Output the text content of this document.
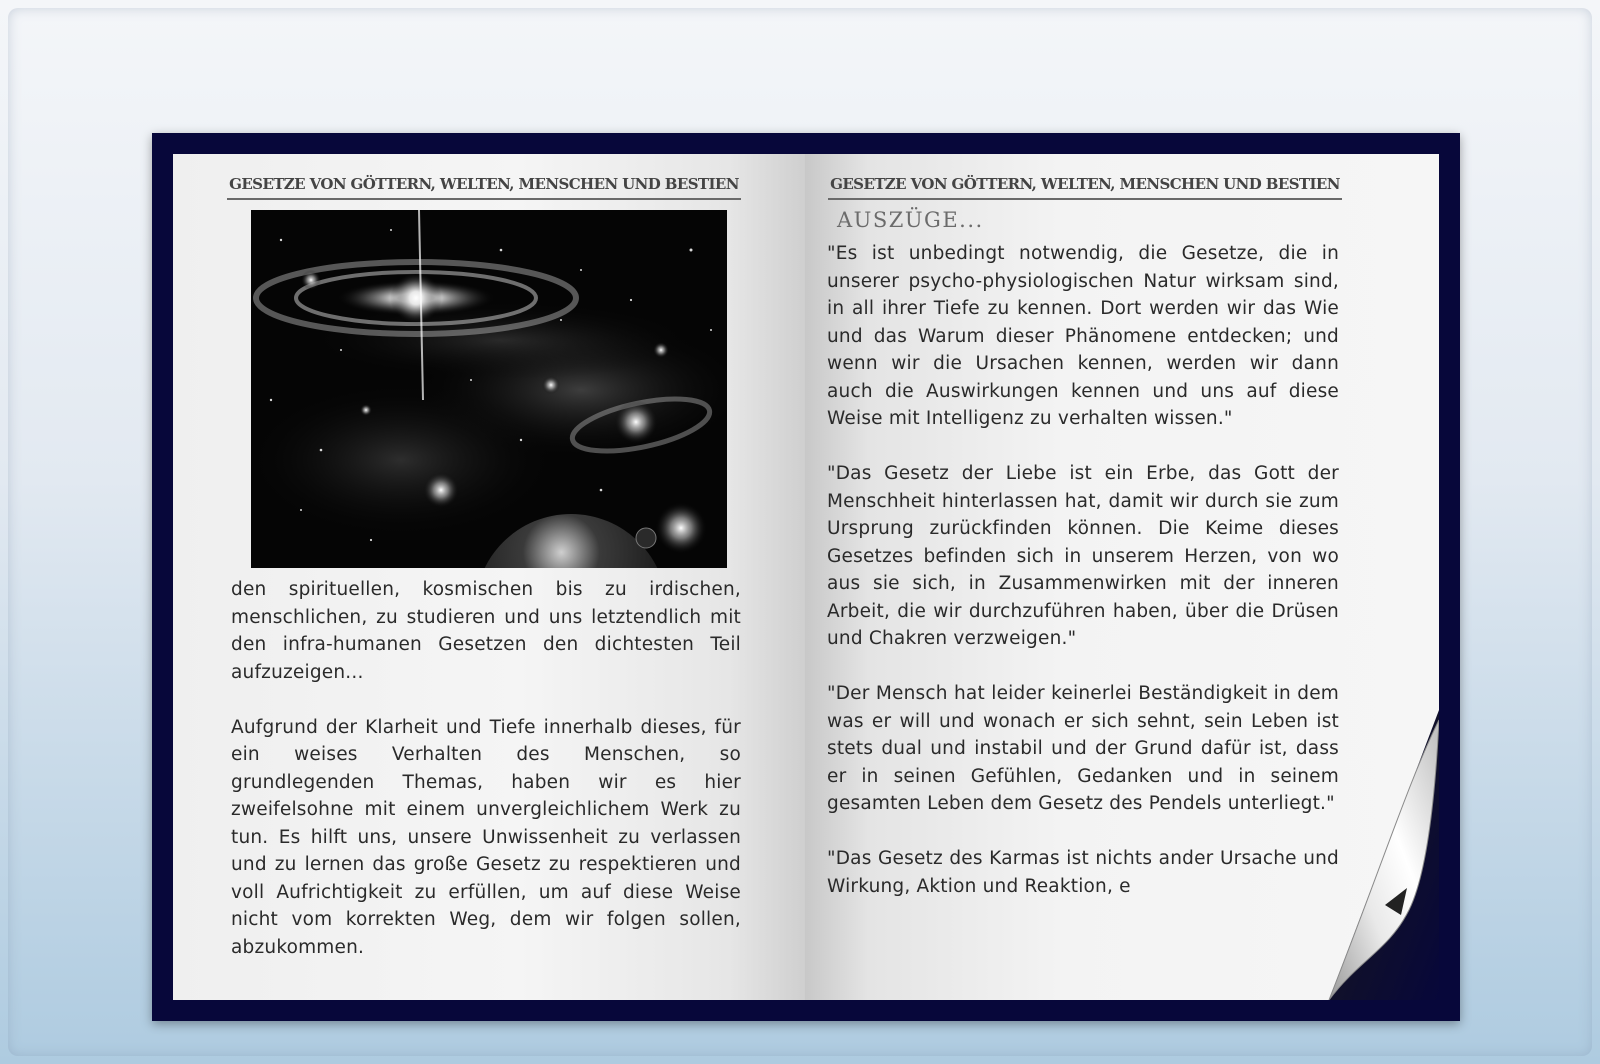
GESETZE VON GÖTTERN, WELTEN, MENSCHEN UND BESTIEN

den spirituellen, kosmischen bis zu irdischen, menschlichen, zu studieren und uns letztendlich mit den infra-humanen Gesetzen den dichtesten Teil aufzuzeigen...

Aufgrund der Klarheit und Tiefe innerhalb dieses, für ein weises Verhalten des Menschen, so grundlegenden Themas, haben wir es hier zweifelsohne mit einem unvergleichlichem Werk zu tun. Es hilft uns, unsere Unwissenheit zu verlassen und zu lernen das große Gesetz zu respektieren und voll Aufrichtigkeit zu erfüllen, um auf diese Weise nicht vom korrekten Weg, dem wir folgen sollen, abzukommen.

GESETZE VON GÖTTERN, WELTEN, MENSCHEN UND BESTIEN
AUSZÜGE...

"Es ist unbedingt notwendig, die Gesetze, die in unserer psycho-physiologischen Natur wirksam sind, in all ihrer Tiefe zu kennen. Dort werden wir das Wie und das Warum dieser Phänomene entdecken; und wenn wir die Ursachen kennen, werden wir dann auch die Auswirkungen kennen und uns auf diese Weise mit Intelligenz zu verhalten wissen."

"Das Gesetz der Liebe ist ein Erbe, das Gott der Menschheit hinterlassen hat, damit wir durch sie zum Ursprung zurückfinden können. Die Keime dieses Gesetzes befinden sich in unserem Herzen, von wo aus sie sich, in Zusammenwirken mit der inneren Arbeit, die wir durchzuführen haben, über die Drüsen und Chakren verzweigen."

"Der Mensch hat leider keinerlei Beständigkeit in dem was er will und wonach er sich sehnt, sein Leben ist stets dual und instabil und der Grund dafür ist, dass er in seinen Gefühlen, Gedanken und in seinem gesamten Leben dem Gesetz des Pendels unterliegt."

"Das Gesetz des Karmas ist nichts ander Ursache und Wirkung, Aktion und Reaktion, e
